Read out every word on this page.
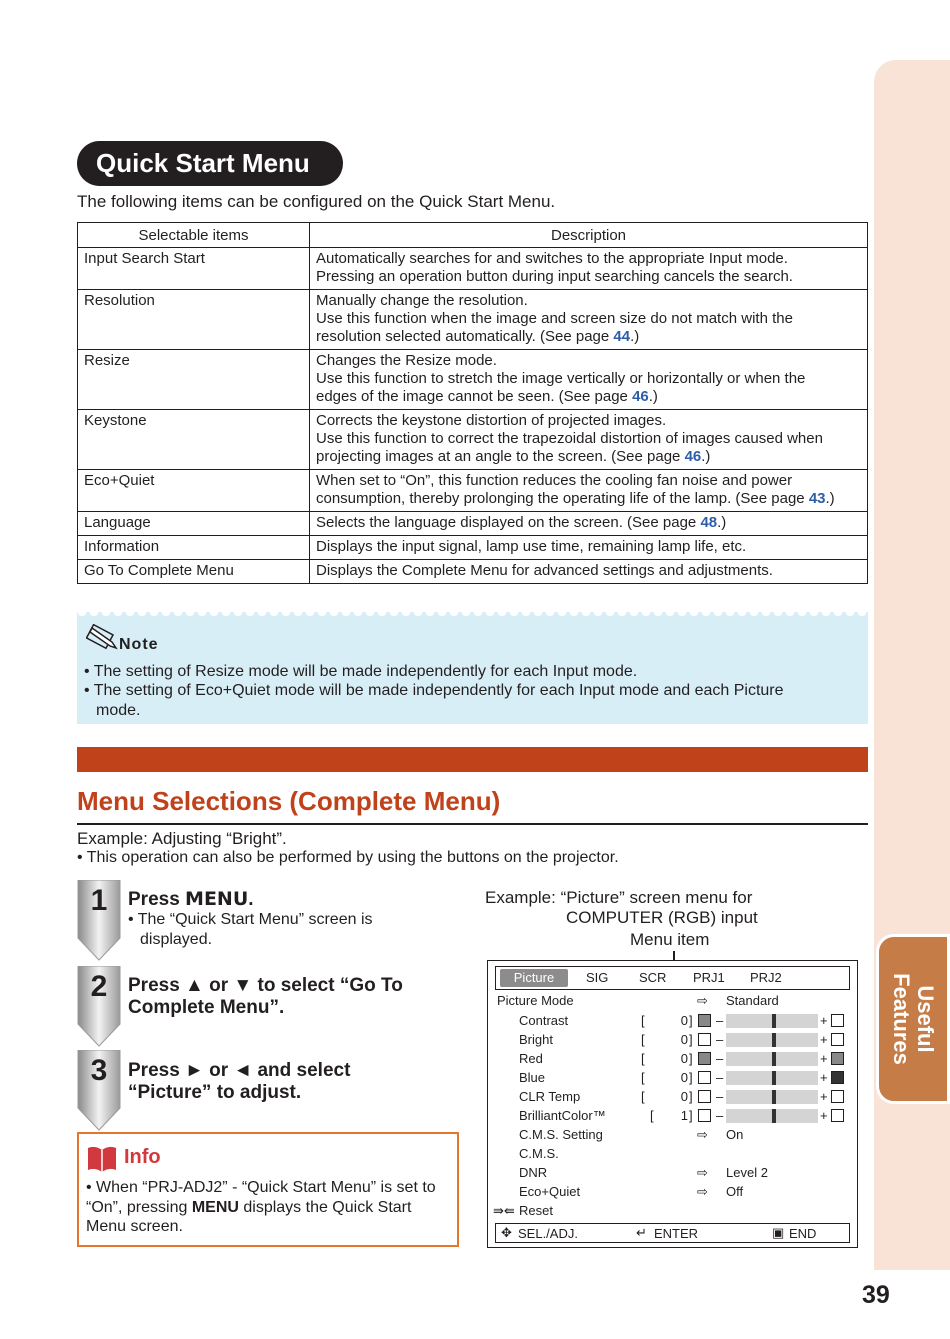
Useful
Features
Quick Start Menu
The following items can be configured on the Quick Start Menu.
Selectable items	Description
Input Search Start	Automatically searches for and switches to the appropriate Input mode.
Pressing an operation button during input searching cancels the search.

Resolution	Manually change the resolution.
Use this function when the image and screen size do not match with the
resolution selected automatically. (See page 44.)

Resize	Changes the Resize mode.
Use this function to stretch the image vertically or horizontally or when the
edges of the image cannot be seen. (See page 46.)

Keystone	Corrects the keystone distortion of projected images.
Use this function to correct the trapezoidal distortion of images caused when
projecting images at an angle to the screen. (See page 46.)

Eco+Quiet	When set to “On”, this function reduces the cooling fan noise and power
consumption, thereby prolonging the operating life of the lamp. (See page 43.)

Language	Selects the language displayed on the screen. (See page 48.)

Information	Displays the input signal, lamp use time, remaining lamp life, etc.

Go To Complete Menu	Displays the Complete Menu for advanced settings and adjustments.
Note
• The setting of Resize mode will be made independently for each Input mode.
• The setting of Eco+Quiet mode will be made independently for each Input mode and each Picture
mode.
Menu Selections (Complete Menu)
Example: Adjusting “Bright”.
• This operation can also be performed by using the buttons on the projector.
1
2
3
Press MENU.
• The “Quick Start Menu” screen is
displayed.
Press ▲ or ▼ to select “Go To
Complete Menu”.
Press ► or ◄ and select
“Picture” to adjust.
Info
• When “PRJ-ADJ2” - “Quick Start Menu” is set to “On”, pressing MENU displays the Quick Start Menu screen.
Example: “Picture” screen menu for
COMPUTER (RGB) input
Menu item
Picture	SIG SCR PRJ1 PRJ2
Picture Mode	⇨ Standard
Contrast	[	0 ] –	+
Bright	[	0 ] –	+
Red	[	0 ] –	+
Blue	[	0 ] –	+
CLR Temp	[	0 ] –	+
BrilliantColor™	[	1 ] –	+
C.M.S. Setting	⇨ On
C.M.S.
DNR	⇨ Level 2
Eco+Quiet	⇨ Off
⇛⇚ Reset
✥ SEL./ADJ.	↵ ENTER	▣ END
39
